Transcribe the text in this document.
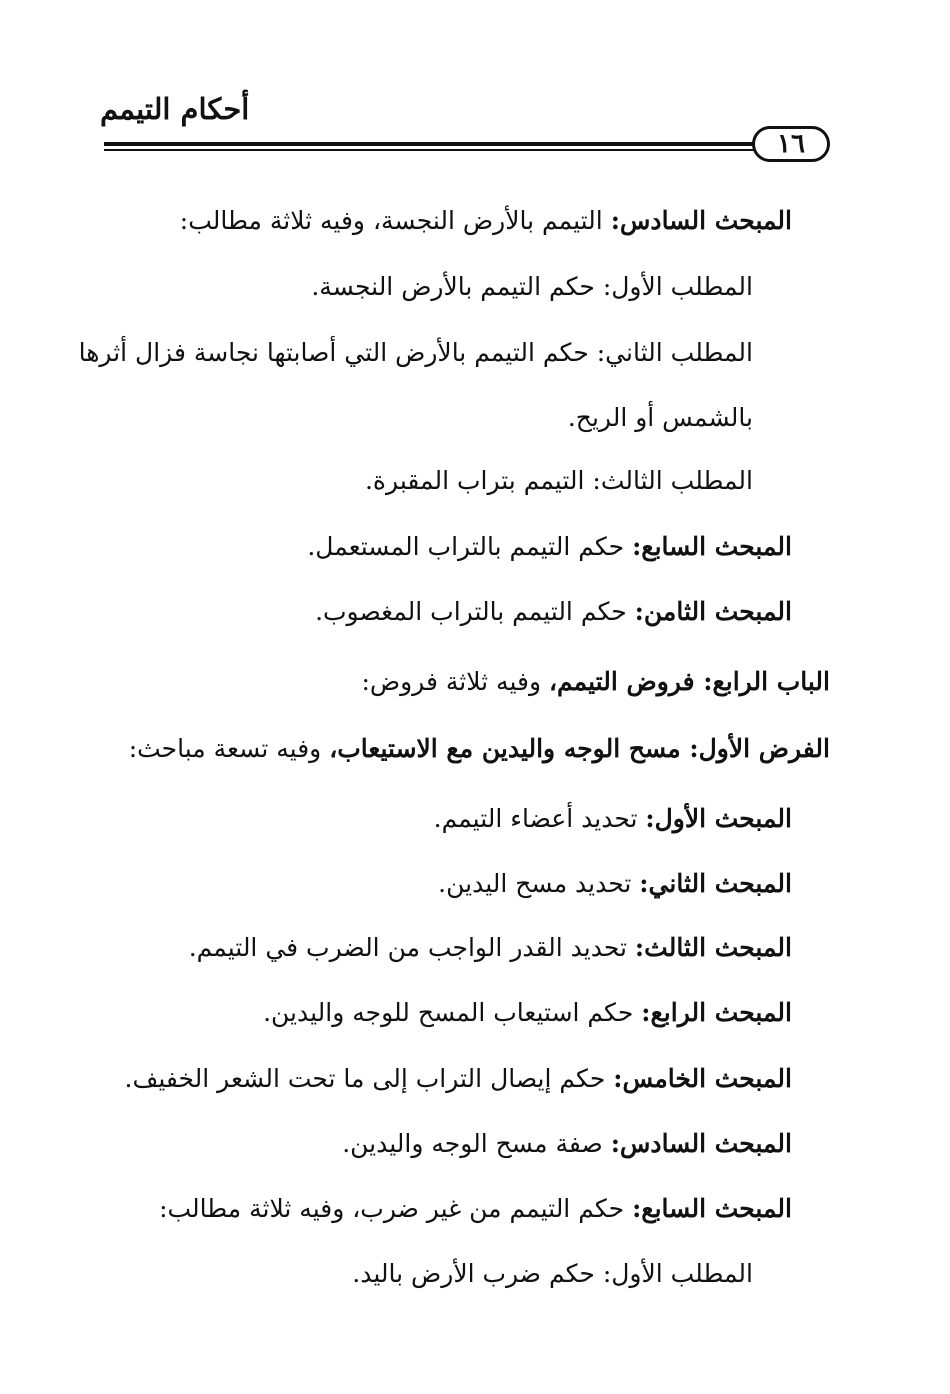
أحكام التيمم
١٦
المبحث السادس: التيمم بالأرض النجسة، وفيه ثلاثة مطالب:
المطلب الأول: حكم التيمم بالأرض النجسة.
المطلب الثاني: حكم التيمم بالأرض التي أصابتها نجاسة فزال أثرها
بالشمس أو الريح.
المطلب الثالث: التيمم بتراب المقبرة.
المبحث السابع: حكم التيمم بالتراب المستعمل.
المبحث الثامن: حكم التيمم بالتراب المغصوب.
الباب الرابع: فروض التيمم، وفيه ثلاثة فروض:
الفرض الأول: مسح الوجه واليدين مع الاستيعاب، وفيه تسعة مباحث:
المبحث الأول: تحديد أعضاء التيمم.
المبحث الثاني: تحديد مسح اليدين.
المبحث الثالث: تحديد القدر الواجب من الضرب في التيمم.
المبحث الرابع: حكم استيعاب المسح للوجه واليدين.
المبحث الخامس: حكم إيصال التراب إلى ما تحت الشعر الخفيف.
المبحث السادس: صفة مسح الوجه واليدين.
المبحث السابع: حكم التيمم من غير ضرب، وفيه ثلاثة مطالب:
المطلب الأول: حكم ضرب الأرض باليد.
